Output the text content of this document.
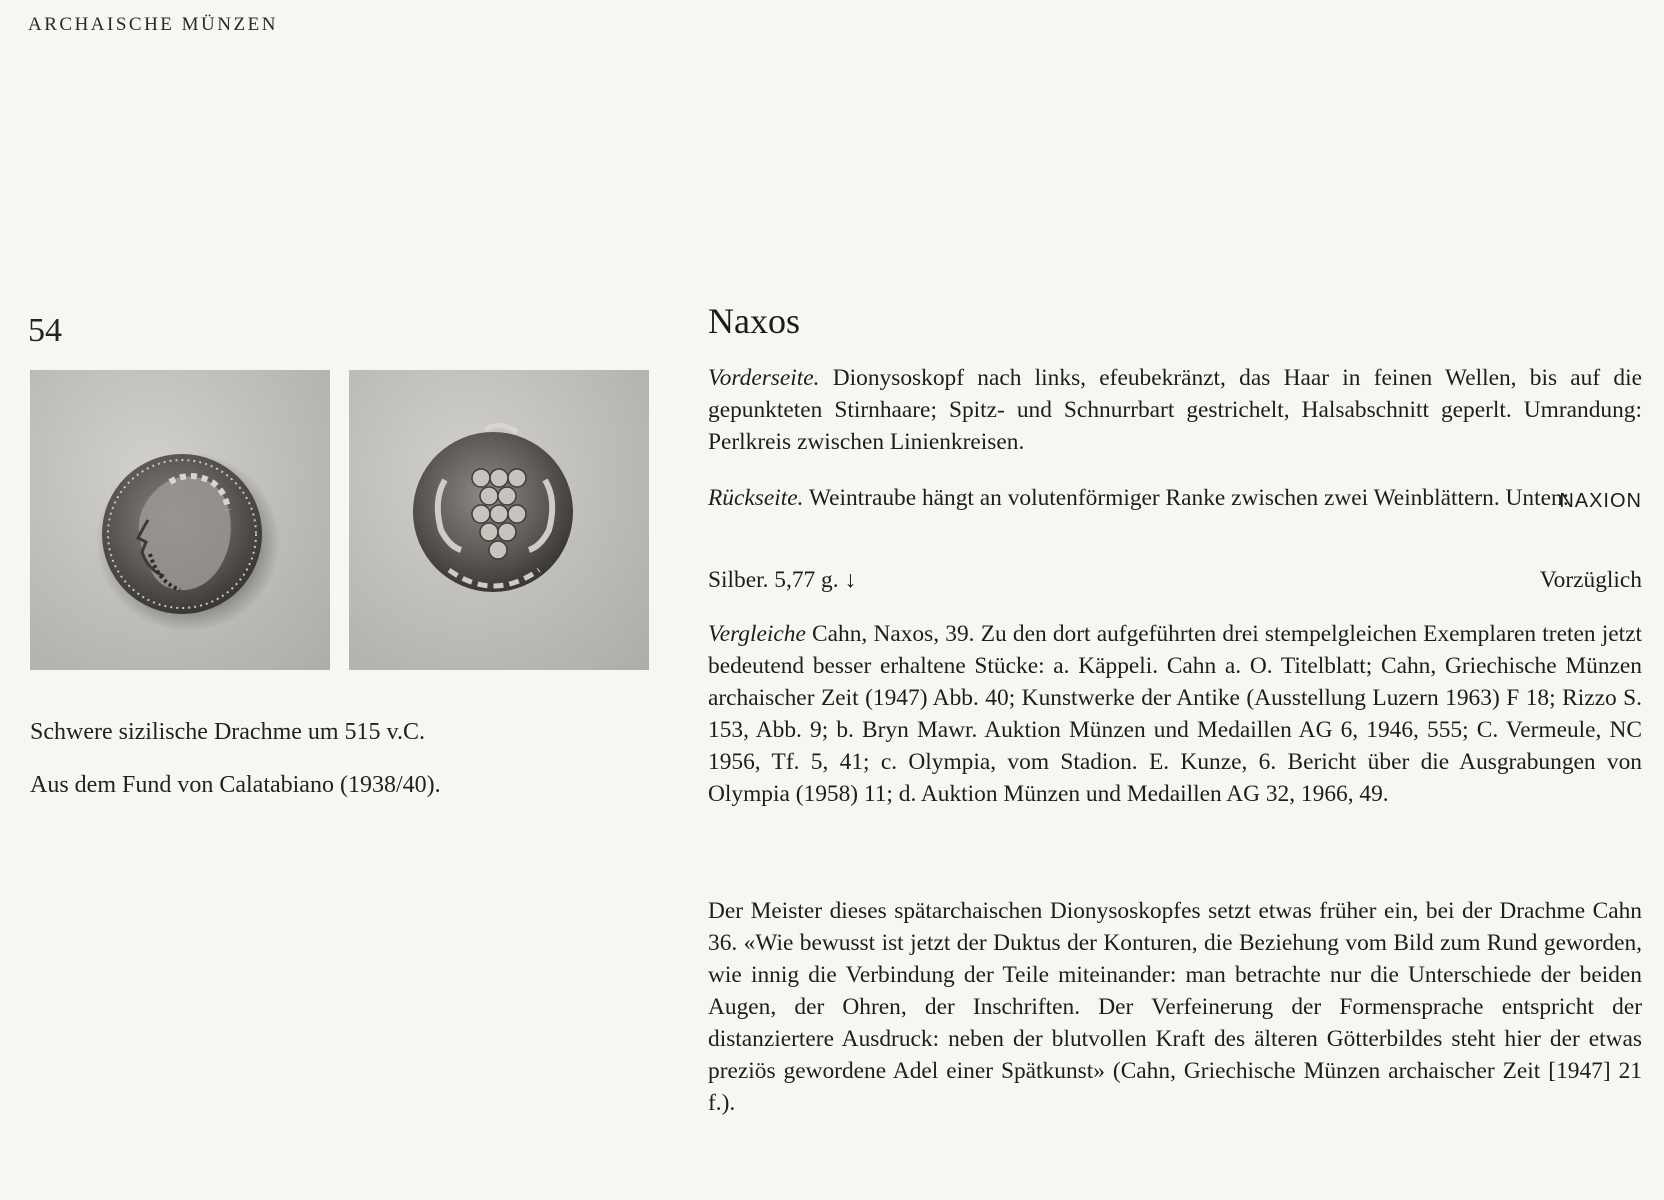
ARCHAISCHE MÜNZEN
54
Schwere sizilische Drachme um 515 v.C.
Aus dem Fund von Calatabiano (1938/40).
Naxos

Vorderseite. Dionysoskopf nach links, efeubekränzt, das Haar in feinen Wellen, bis auf die gepunkteten Stirnhaare; Spitz- und Schnurrbart gestrichelt, Halsabschnitt geperlt. Umrandung: Perlkreis zwischen Linienkreisen.

Rückseite. Weintraube hängt an volutenförmiger Ranke zwischen zwei Weinblättern. Unten:

NAXION
Silber. 5,77 g. ↓	Vorzüglich

Vergleiche Cahn, Naxos, 39. Zu den dort aufgeführten drei stempelgleichen Exemplaren treten jetzt bedeutend besser erhaltene Stücke: a. Käppeli. Cahn a. O. Titelblatt; Cahn, Griechische Münzen archaischer Zeit (1947) Abb. 40; Kunstwerke der Antike (Ausstellung Luzern 1963) F 18; Rizzo S. 153, Abb. 9; b. Bryn Mawr. Auktion Münzen und Medaillen AG 6, 1946, 555; C. Vermeule, NC 1956, Tf. 5, 41; c. Olympia, vom Stadion. E. Kunze, 6. Bericht über die Ausgrabungen von Olympia (1958) 11; d. Auktion Münzen und Medaillen AG 32, 1966, 49.

Der Meister dieses spätarchaischen Dionysoskopfes setzt etwas früher ein, bei der Drachme Cahn 36. «Wie bewusst ist jetzt der Duktus der Konturen, die Beziehung vom Bild zum Rund geworden, wie innig die Verbindung der Teile miteinander: man betrachte nur die Unterschiede der beiden Augen, der Ohren, der Inschriften. Der Verfeinerung der Formensprache entspricht der distanziertere Ausdruck: neben der blutvollen Kraft des älteren Götterbildes steht hier der etwas preziös gewordene Adel einer Spätkunst» (Cahn, Griechische Münzen archaischer Zeit [1947] 21 f.).
